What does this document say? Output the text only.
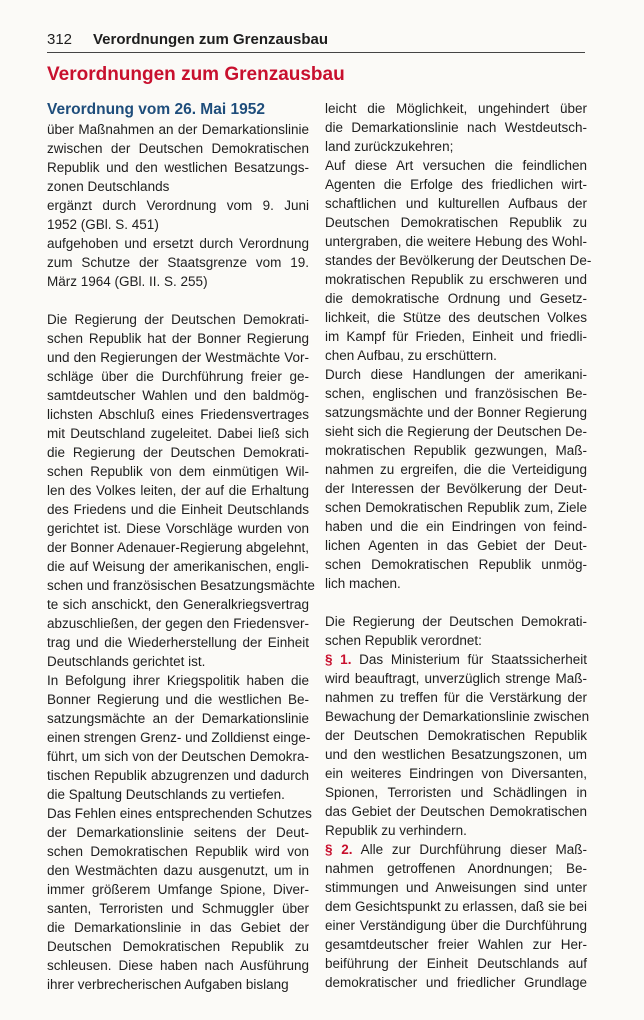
312 Verordnungen zum Grenzausbau
Verordnungen zum Grenzausbau
Verordnung vom 26. Mai 1952
über Maßnahmen an der Demarkationslinie
zwischen der Deutschen Demokratischen
Republik und den westlichen Besatzungs-
zonen Deutschlands
ergänzt durch Verordnung vom 9. Juni
1952 (GBl. S. 451)
aufgehoben und ersetzt durch Verordnung
zum Schutze der Staatsgrenze vom 19.
März 1964 (GBl. II. S. 255)
Die Regierung der Deutschen Demokrati-
schen Republik hat der Bonner Regierung
und den Regierungen der Westmächte Vor-
schläge über die Durchführung freier ge-
samtdeutscher Wahlen und den baldmög-
lichsten Abschluß eines Friedensvertrages
mit Deutschland zugeleitet. Dabei ließ sich
die Regierung der Deutschen Demokrati-
schen Republik von dem einmütigen Wil-
len des Volkes leiten, der auf die Erhaltung
des Friedens und die Einheit Deutschlands
gerichtet ist. Diese Vorschläge wurden von
der Bonner Adenauer-Regierung abgelehnt,
die auf Weisung der amerikanischen, engli-
schen und französischen Besatzungsmächte
te sich anschickt, den Generalkriegsvertrag
abzuschließen, der gegen den Friedensver-
trag und die Wiederherstellung der Einheit
Deutschlands gerichtet ist.
In Befolgung ihrer Kriegspolitik haben die
Bonner Regierung und die westlichen Be-
satzungsmächte an der Demarkationslinie
einen strengen Grenz- und Zolldienst einge-
führt, um sich von der Deutschen Demokra-
tischen Republik abzugrenzen und dadurch
die Spaltung Deutschlands zu vertiefen.
Das Fehlen eines entsprechenden Schutzes
der Demarkationslinie seitens der Deut-
schen Demokratischen Republik wird von
den Westmächten dazu ausgenutzt, um in
immer größerem Umfange Spione, Diver-
santen, Terroristen und Schmuggler über
die Demarkationslinie in das Gebiet der
Deutschen Demokratischen Republik zu
schleusen. Diese haben nach Ausführung
ihrer verbrecherischen Aufgaben bislang
leicht die Möglichkeit, ungehindert über
die Demarkationslinie nach Westdeutsch-
land zurückzukehren;
Auf diese Art versuchen die feindlichen
Agenten die Erfolge des friedlichen wirt-
schaftlichen und kulturellen Aufbaus der
Deutschen Demokratischen Republik zu
untergraben, die weitere Hebung des Wohl-
standes der Bevölkerung der Deutschen De-
mokratischen Republik zu erschweren und
die demokratische Ordnung und Gesetz-
lichkeit, die Stütze des deutschen Volkes
im Kampf für Frieden, Einheit und friedli-
chen Aufbau, zu erschüttern.
Durch diese Handlungen der amerikani-
schen, englischen und französischen Be-
satzungsmächte und der Bonner Regierung
sieht sich die Regierung der Deutschen De-
mokratischen Republik gezwungen, Maß-
nahmen zu ergreifen, die die Verteidigung
der Interessen der Bevölkerung der Deut-
schen Demokratischen Republik zum, Ziele
haben und die ein Eindringen von feind-
lichen Agenten in das Gebiet der Deut-
schen Demokratischen Republik unmög-
lich machen.
Die Regierung der Deutschen Demokrati-
schen Republik verordnet:
§ 1. Das Ministerium für Staatssicherheit
wird beauftragt, unverzüglich strenge Maß-
nahmen zu treffen für die Verstärkung der
Bewachung der Demarkationslinie zwischen
der Deutschen Demokratischen Republik
und den westlichen Besatzungszonen, um
ein weiteres Eindringen von Diversanten,
Spionen, Terroristen und Schädlingen in
das Gebiet der Deutschen Demokratischen
Republik zu verhindern.
§ 2. Alle zur Durchführung dieser Maß-
nahmen getroffenen Anordnungen; Be-
stimmungen und Anweisungen sind unter
dem Gesichtspunkt zu erlassen, daß sie bei
einer Verständigung über die Durchführung
gesamtdeutscher freier Wahlen zur Her-
beiführung der Einheit Deutschlands auf
demokratischer und friedlicher Grundlage
